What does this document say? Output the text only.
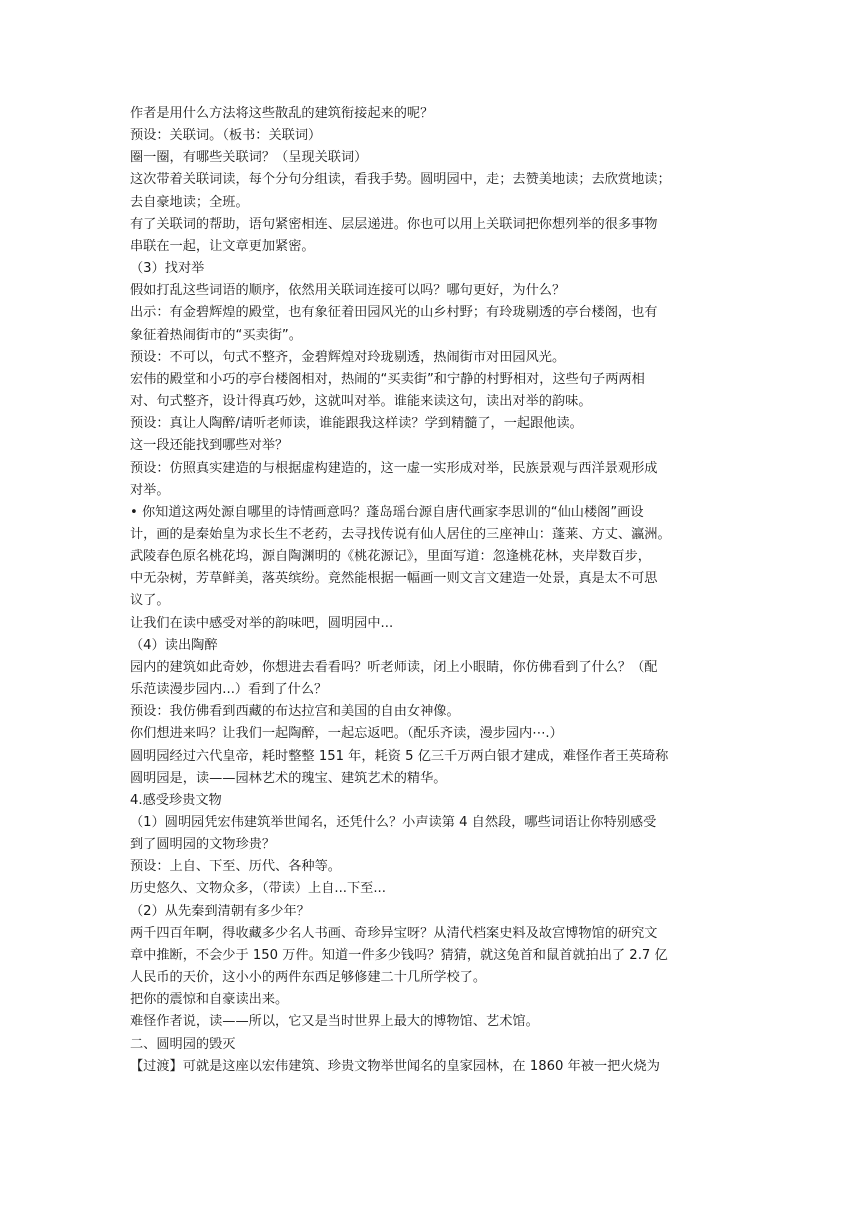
作者是用什么方法将这些散乱的建筑衔接起来的呢？
预设：关联词。（板书：关联词）
圈一圈，有哪些关联词？（呈现关联词）
这次带着关联词读，每个分句分组读，看我手势。圆明园中，走；去赞美地读；去欣赏地读；
去自豪地读；全班。
有了关联词的帮助，语句紧密相连、层层递进。你也可以用上关联词把你想列举的很多事物
串联在一起，让文章更加紧密。
（3）找对举
假如打乱这些词语的顺序，依然用关联词连接可以吗？哪句更好，为什么？
出示：有金碧辉煌的殿堂，也有象征着田园风光的山乡村野；有玲珑剔透的亭台楼阁，也有
象征着热闹街市的“买卖街”。
预设：不可以，句式不整齐，金碧辉煌对玲珑剔透，热闹街市对田园风光。
宏伟的殿堂和小巧的亭台楼阁相对，热闹的“买卖街”和宁静的村野相对，这些句子两两相
对、句式整齐，设计得真巧妙，这就叫对举。谁能来读这句，读出对举的韵味。
预设：真让人陶醉/请听老师读，谁能跟我这样读？学到精髓了，一起跟他读。
这一段还能找到哪些对举？
预设：仿照真实建造的与根据虚构建造的，这一虚一实形成对举，民族景观与西洋景观形成
对举。
• 你知道这两处源自哪里的诗情画意吗？蓬岛瑶台源自唐代画家李思训的“仙山楼阁”画设
计，画的是秦始皇为求长生不老药，去寻找传说有仙人居住的三座神山：蓬莱、方丈、瀛洲。
武陵春色原名桃花坞，源自陶渊明的《桃花源记》，里面写道：忽逢桃花林，夹岸数百步，
中无杂树，芳草鲜美，落英缤纷。竟然能根据一幅画一则文言文建造一处景，真是太不可思
议了。
让我们在读中感受对举的韵味吧，圆明园中...
（4）读出陶醉
园内的建筑如此奇妙，你想进去看看吗？听老师读，闭上小眼睛，你仿佛看到了什么？（配
乐范读漫步园内...）看到了什么？
预设：我仿佛看到西藏的布达拉宫和美国的自由女神像。
你们想进来吗？让我们一起陶醉，一起忘返吧。（配乐齐读，漫步园内⋯.）
圆明园经过六代皇帝，耗时整整 151 年，耗资 5 亿三千万两白银才建成，难怪作者王英琦称
圆明园是，读——园林艺术的瑰宝、建筑艺术的精华。
4.感受珍贵文物
（1）圆明园凭宏伟建筑举世闻名，还凭什么？小声读第 4 自然段，哪些词语让你特别感受
到了圆明园的文物珍贵？
预设：上自、下至、历代、各种等。
历史悠久、文物众多，（带读）上自...下至...
（2）从先秦到清朝有多少年？
两千四百年啊，得收藏多少名人书画、奇珍异宝呀？从清代档案史料及故宫博物馆的研究文
章中推断，不会少于 150 万件。知道一件多少钱吗？猜猜，就这兔首和鼠首就拍出了 2.7 亿
人民币的天价，这小小的两件东西足够修建二十几所学校了。
把你的震惊和自豪读出来。
难怪作者说，读——所以，它又是当时世界上最大的博物馆、艺术馆。
二、圆明园的毁灭
【过渡】可就是这座以宏伟建筑、珍贵文物举世闻名的皇家园林，在 1860 年被一把火烧为
